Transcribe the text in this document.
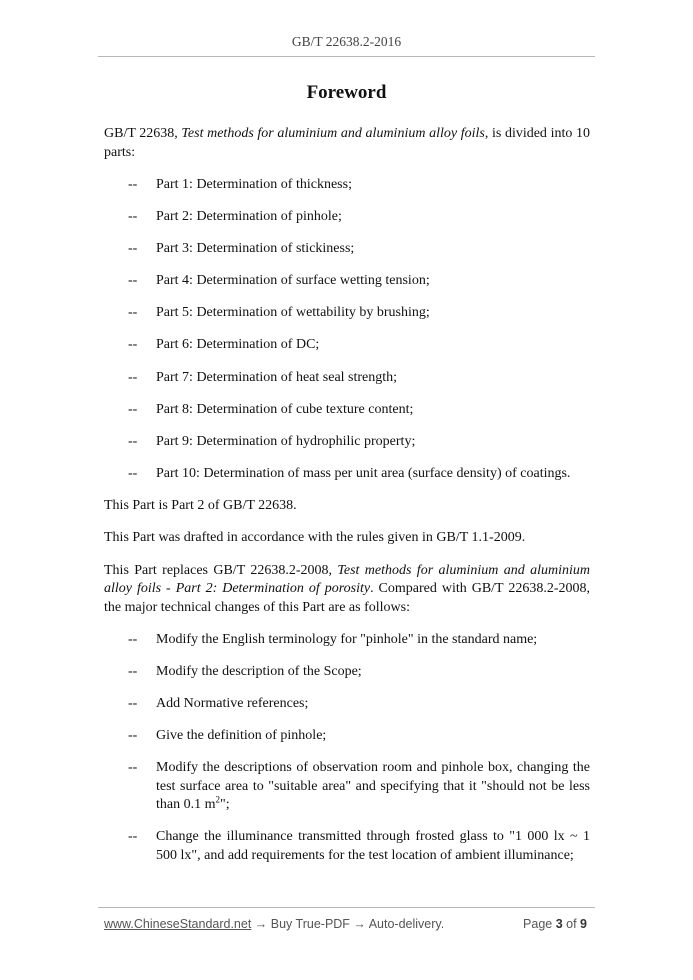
GB/T 22638.2-2016
Foreword

GB/T 22638, Test methods for aluminium and aluminium alloy foils, is divided into 10 parts:

--	Part 1: Determination of thickness;
--	Part 2: Determination of pinhole;
--	Part 3: Determination of stickiness;
--	Part 4: Determination of surface wetting tension;
--	Part 5: Determination of wettability by brushing;
--	Part 6: Determination of DC;
--	Part 7: Determination of heat seal strength;
--	Part 8: Determination of cube texture content;
--	Part 9: Determination of hydrophilic property;
--	Part 10: Determination of mass per unit area (surface density) of coatings.

This Part is Part 2 of GB/T 22638.

This Part was drafted in accordance with the rules given in GB/T 1.1-2009.

This Part replaces GB/T 22638.2-2008, Test methods for aluminium and aluminium alloy foils - Part 2: Determination of porosity. Compared with GB/T 22638.2-2008, the major technical changes of this Part are as follows:

--	Modify the English terminology for "pinhole" in the standard name;
--	Modify the description of the Scope;
--	Add Normative references;
--	Give the definition of pinhole;
--	Modify the descriptions of observation room and pinhole box, changing the test surface area to "suitable area" and specifying that it "should not be less than 0.1 $m^2$";
--	Change the illuminance transmitted through frosted glass to "1 000 lx ~ 1 500 lx", and add requirements for the test location of ambient illuminance;
www.ChineseStandard.net → Buy True-PDF → Auto-delivery.	Page 3 of 9
